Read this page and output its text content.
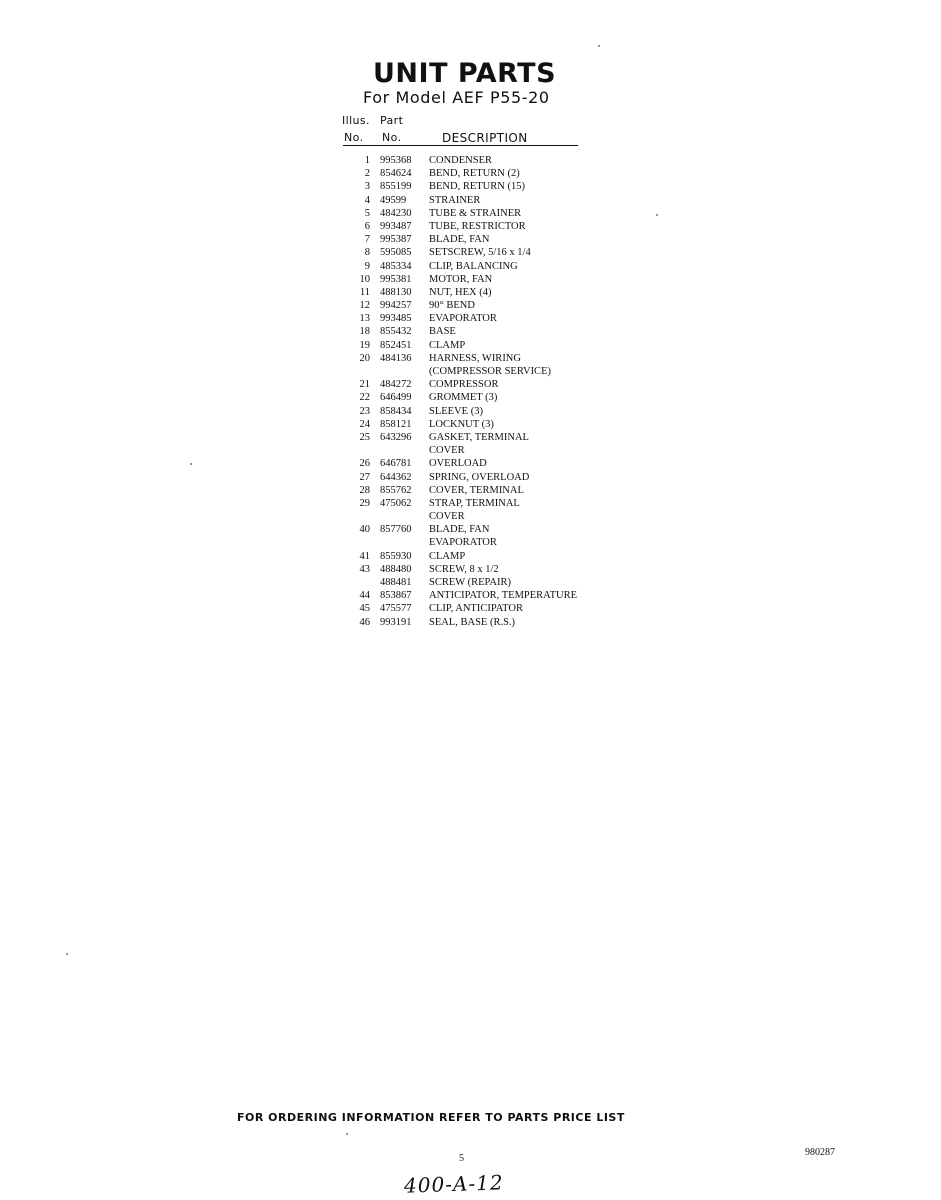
UNIT PARTS
For Model AEF P55-20
Illus. Part
No. No.	DESCRIPTION
1 995368	CONDENSER
2 854624	BEND, RETURN (2)
3 855199	BEND, RETURN (15)
4 49599	STRAINER
5 484230	TUBE & STRAINER
6 993487	TUBE, RESTRICTOR
7 995387	BLADE, FAN
8 595085	SETSCREW, 5/16 x 1/4
9 485334	CLIP, BALANCING
10 995381	MOTOR, FAN
11 488130	NUT, HEX (4)
12 994257	90° BEND
13 993485	EVAPORATOR
18 855432	BASE
19 852451	CLAMP
20 484136	HARNESS, WIRING
(COMPRESSOR SERVICE)
21 484272	COMPRESSOR
22 646499	GROMMET (3)
23 858434	SLEEVE (3)
24 858121	LOCKNUT (3)
25 643296	GASKET, TERMINAL
COVER
26 646781	OVERLOAD
27 644362	SPRING, OVERLOAD
28 855762	COVER, TERMINAL
29 475062	STRAP, TERMINAL
COVER
40 857760	BLADE, FAN
EVAPORATOR
41 855930	CLAMP
43 488480	SCREW, 8 x 1/2
488481	SCREW (REPAIR)
44 853867	ANTICIPATOR, TEMPERATURE
45 475577	CLIP, ANTICIPATOR
46 993191	SEAL, BASE (R.S.)
FOR ORDERING INFORMATION REFER TO PARTS PRICE LIST
5
980287
400-A-12
